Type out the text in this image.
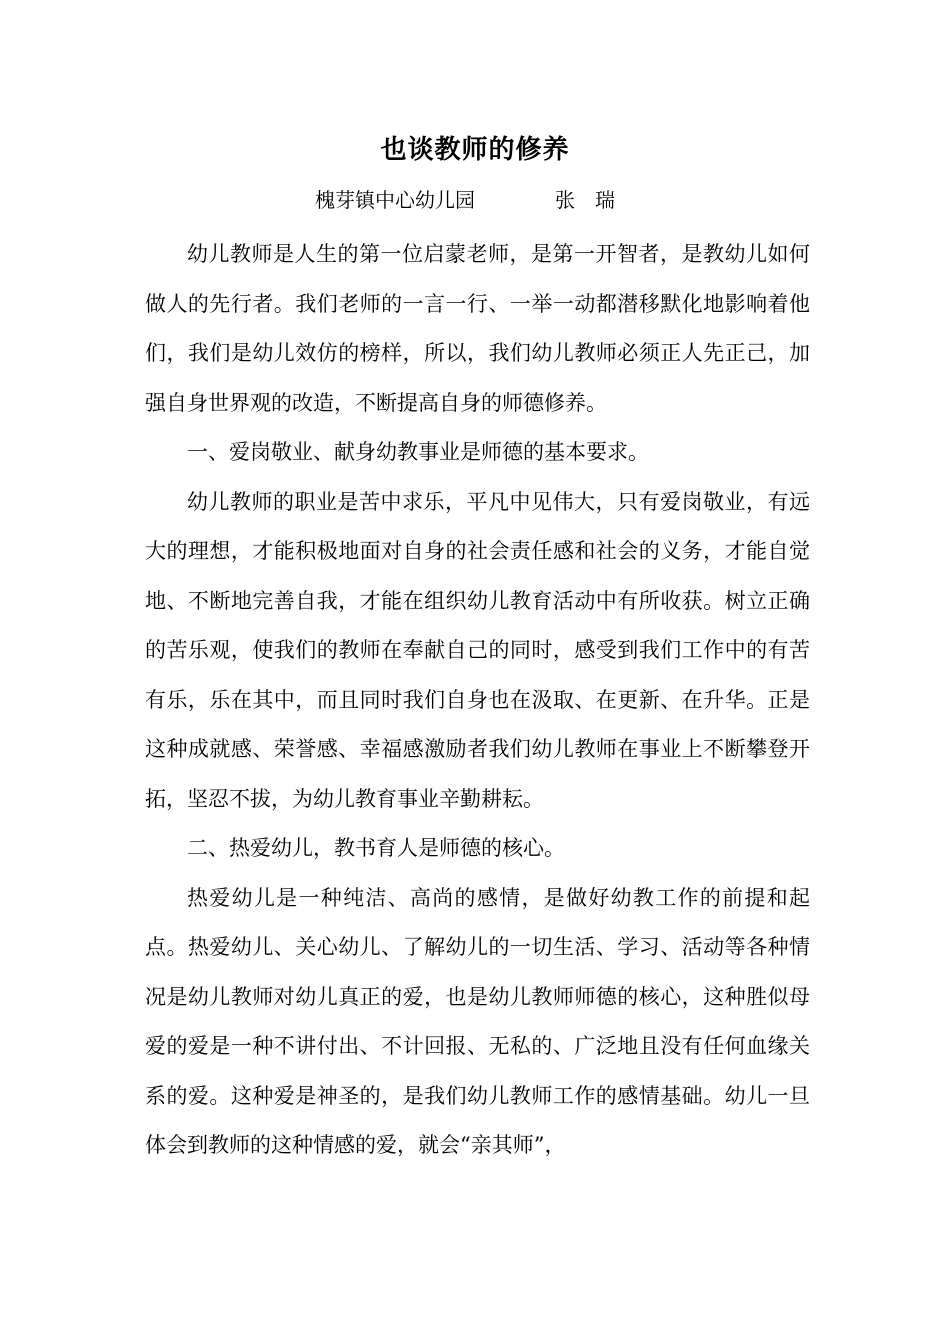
也谈教师的修养
槐芽镇中心幼儿园	张瑞

幼儿教师是人生的第一位启蒙老师，是第一开智者，是教幼儿如何做人的先行者。我们老师的一言一行、一举一动都潜移默化地影响着他们，我们是幼儿效仿的榜样，所以，我们幼儿教师必须正人先正己，加强自身世界观的改造，不断提高自身的师德修养。

一、爱岗敬业、献身幼教事业是师德的基本要求。

幼儿教师的职业是苦中求乐，平凡中见伟大，只有爱岗敬业，有远大的理想，才能积极地面对自身的社会责任感和社会的义务，才能自觉地、不断地完善自我，才能在组织幼儿教育活动中有所收获。树立正确的苦乐观，使我们的教师在奉献自己的同时，感受到我们工作中的有苦有乐，乐在其中，而且同时我们自身也在汲取、在更新、在升华。正是这种成就感、荣誉感、幸福感激励者我们幼儿教师在事业上不断攀登开拓，坚忍不拔，为幼儿教育事业辛勤耕耘。

二、热爱幼儿，教书育人是师德的核心。

热爱幼儿是一种纯洁、高尚的感情，是做好幼教工作的前提和起点。热爱幼儿、关心幼儿、了解幼儿的一切生活、学习、活动等各种情况是幼儿教师对幼儿真正的爱，也是幼儿教师师德的核心，这种胜似母爱的爱是一种不讲付出、不计回报、无私的、广泛地且没有任何血缘关系的爱。这种爱是神圣的，是我们幼儿教师工作的感情基础。幼儿一旦体会到教师的这种情感的爱，就会“亲其师”，
